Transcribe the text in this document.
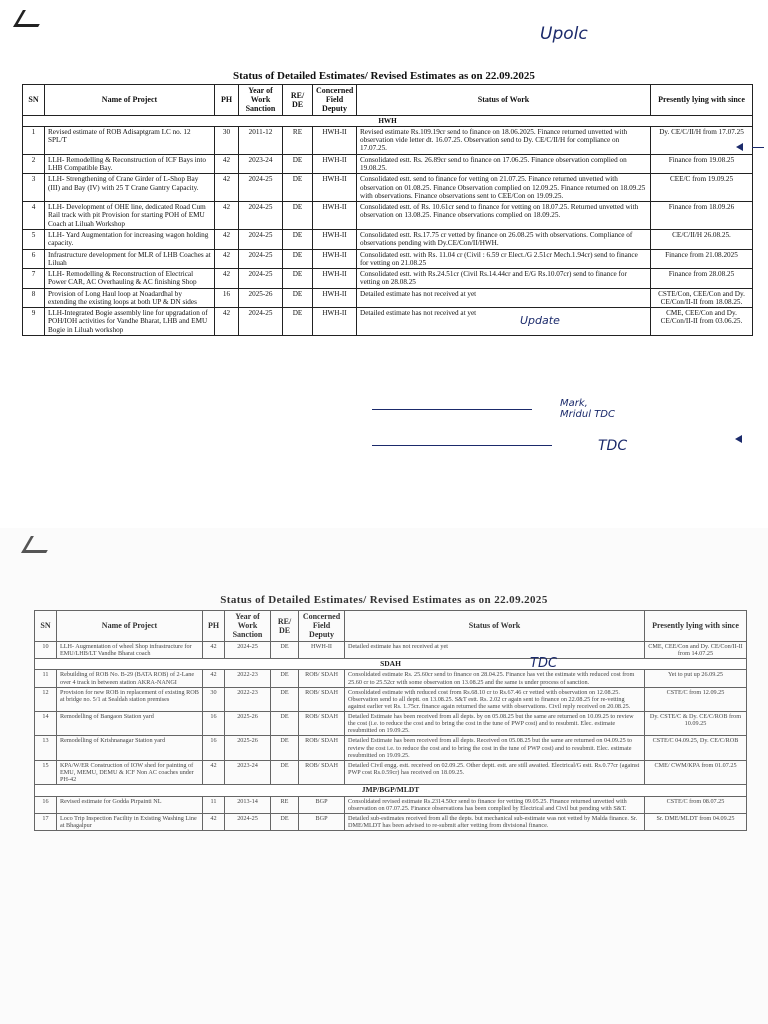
Upolc
Status of Detailed Estimates/ Revised Estimates as on 22.09.2025
SN	Name of Project	PH	Year of Work Sanction	RE/ DE	Concerned Field Deputy	Status of Work	Presently lying with since
HWH							
1	Revised estimate of ROB Adisaptgram LC no. 12 SPL/T	30	2011-12	RE	HWH-II	Revised estimate Rs.109.19cr send to finance on 18.06.2025. Finance returned unvetted with observation vide letter dt. 16.07.25. Observation send to Dy. CE/C/II/H for compliance on 17.07.25.	Dy. CE/C/II/H from 17.07.25
2	LLH- Remodelling & Reconstruction of ICF Bays into LHB Compatible Bay.	42	2023-24	DE	HWH-II	Consolidated estt. Rs. 26.89cr send to finance on 17.06.25. Finance observation complied on 19.08.25.	Finance from 19.08.25
3	LLH- Strengthening of Crane Girder of L-Shop Bay (III) and Bay (IV) with 25 T Crane Gantry Capacity.	42	2024-25	DE	HWH-II	Consolidated estt. send to finance for vetting on 21.07.25. Finance returned unvetted with observation on 01.08.25. Finance Observation complied on 12.09.25. Finance returned on 18.09.25 with observations. Finance observations sent to CEE/Con on 19.09.25.	CEE/C from 19.09.25
4	LLH- Development of OHE line, dedicated Road Cum Rail track with pit Provision for starting POH of EMU Coach at Liluah Workshop	42	2024-25	DE	HWH-II	Consolidated estt. of Rs. 10.61cr send to finance for vetting on 18.07.25. Returned unvetted with observation on 13.08.25. Finance observations complied on 18.09.25.	Finance from 18.09.26
5	LLH- Yard Augmentation for increasing wagon holding capacity.	42	2024-25	DE	HWH-II	Consolidated estt. Rs.17.75 cr vetted by finance on 26.08.25 with observations. Compliance of observations pending with Dy.CE/Con/II/HWH.	CE/C/II/H 26.08.25.
6	Infrastructure development for MLR of LHB Coaches at Liluah	42	2024-25	DE	HWH-II	Consolidated estt. with Rs. 11.04 cr (Civil : 6.59 cr Elect./G 2.51cr Mech.1.94cr) send to finance for vetting on 21.08.25	Finance from 21.08.2025
7	LLH- Remodelling & Reconstruction of Electrical Power CAR, AC Overhauling & AC finishing Shop	42	2024-25	DE	HWH-II	Consolidated estt. with Rs.24.51cr (Civil Rs.14.44cr and E/G Rs.10.07cr) send to finance for vetting on 28.08.25	Finance from 28.08.25
8	Provision of Long Haul loop at Noadardhal by extending the existing loops at both UP & DN sides	16	2025-26	DE	HWH-II	Detailed estimate has not received at yet	CSTE/Con, CEE/Con and Dy. CE/Con/II-II from 18.08.25.
9	LLH-Integrated Bogie assembly line for upgradation of POH/IOH activities for Vandhe Bharat, LHB and EMU Bogie in Liluah workshop	42	2024-25	DE	HWH-II	Detailed estimate has not received at yet	CME, CEE/Con and Dy. CE/Con/II-II from 03.06.25.
Update
Mark, Mridul TDC
TDC
Status of Detailed Estimates/ Revised Estimates as on 22.09.2025
SN	Name of Project	PH	Year of Work Sanction	RE/ DE	Concerned Field Deputy	Status of Work	Presently lying with since
10	LLH- Augmentation of wheel Shop infrastructure for EMU/LHB/LT Vandhe Bharat coach	42	2024-25	DE	HWH-II	Detailed estimate has not received at yet	CME, CEE/Con and Dy. CE/Con/II-II from 14.07.25
SDAH							
11	Rebuilding of ROB No. B-29 (BATA ROB) of 2-Lane over 4 track in between station AKRA-NANGI	42	2022-23	DE	ROB/ SDAH	Consolidated estimate Rs. 25.60cr send to finance on 28.04.25. Finance has vet the estimate with reduced cost from 25.60 cr to 25.52cr with some observation on 13.08.25 and the same is under process of sanction.	Yet to put up 26.09.25
12	Provision for new ROB in replacement of existing ROB at bridge no. 5/1 at Sealdah station premises	30	2022-23	DE	ROB/ SDAH	Consolidated estimate with reduced cost from Rs.68.10 cr to Rs.67.46 cr vetted with observation on 12.08.25. Observation send to all deptt. on 13.08.25. S&T estt. Rs. 2.02 cr again sent to finance on 22.08.25 for re-vetting against earlier vet Rs. 1.75cr. finance again returned the same with observations. Civil reply received on 20.08.25.	CSTE/C from 12.09.25
14	Remodelling of Bangaon Station yard	16	2025-26	DE	ROB/ SDAH	Detailed Estimate has been received from all depts. by on 05.08.25 but the same are returned on 10.09.25 to review the cost (i.e. to reduce the cost and to bring the cost in the tune of PWP cost) and to resubmit. Elec. estimate resubmitted on 19.09.25.	Dy. CSTE/C & Dy. CE/C/ROB from 10.09.25
13	Remodelling of Krishnanagar Station yard	16	2025-26	DE	ROB/ SDAH	Detailed Estimate has been received from all depts. Received on 05.08.25 but the same are returned on 04.09.25 to review the cost i.e. to reduce the cost and to bring the cost in the tune of PWP cost) and to resubmit. Elec. estimate resubmitted on 19.09.25.	CSTE/C 04.09.25, Dy. CE/C/ROB
15	KPA/W/ER Construction of IOW shed for painting of EMU, MEMU, DEMU & ICF Non AC coaches under PH-42	42	2023-24	DE	ROB/ SDAH	Detailed Civil engg. estt. received on 02.09.25. Other deptt. estt. are still awaited. Electrical/G estt. Rs.0.77cr (against PWP cost Rs.0.59cr) has received on 18.09.25.	CME/ CWM/KPA from 01.07.25
JMP/BGP/MLDT							
16	Revised estimate for Godda Pirpainti NL	11	2013-14	RE	BGP	Consolidated revised estimate Rs.2314.50cr send to finance for vetting 09.05.25. Finance returned unvetted with observation on 07.07.25. Finance observations has been complied by Electrical and Civil but pending with S&T.	CSTE/C from 08.07.25
17	Loco Trip Inspection Facility in Existing Washing Line at Bhagalpur	42	2024-25	DE	BGP	Detailed sub-estimates received from all the depts. but mechanical sub-estimate was not vetted by Malda finance. Sr. DME/MLDT has been advised to re-submit after vetting from divisional finance.	Sr. DME/MLDT from 04.09.25
TDC
